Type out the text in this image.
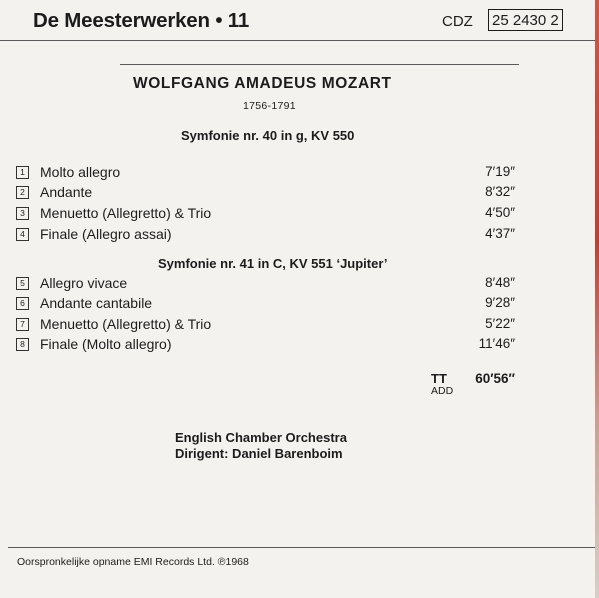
De Meesterwerken • 11	CDZ 25 2430 2
WOLFGANG AMADEUS MOZART
1756-1791
Symfonie nr. 40 in g, KV 550
1 Molto allegro	7′19″
2 Andante	8′32″
3 Menuetto (Allegretto) & Trio	4′50″
4 Finale (Allegro assai)	4′37″
Symfonie nr. 41 in C, KV 551 ‘Jupiter’
5 Allegro vivace	8′48″
6 Andante cantabile	9′28″
7 Menuetto (Allegretto) & Trio	5′22″
8 Finale (Molto allegro)	11′46″
TT 60′56″
ADD
English Chamber Orchestra
Dirigent: Daniel Barenboim
Oorspronkelijke opname EMI Records Ltd. ℗1968
